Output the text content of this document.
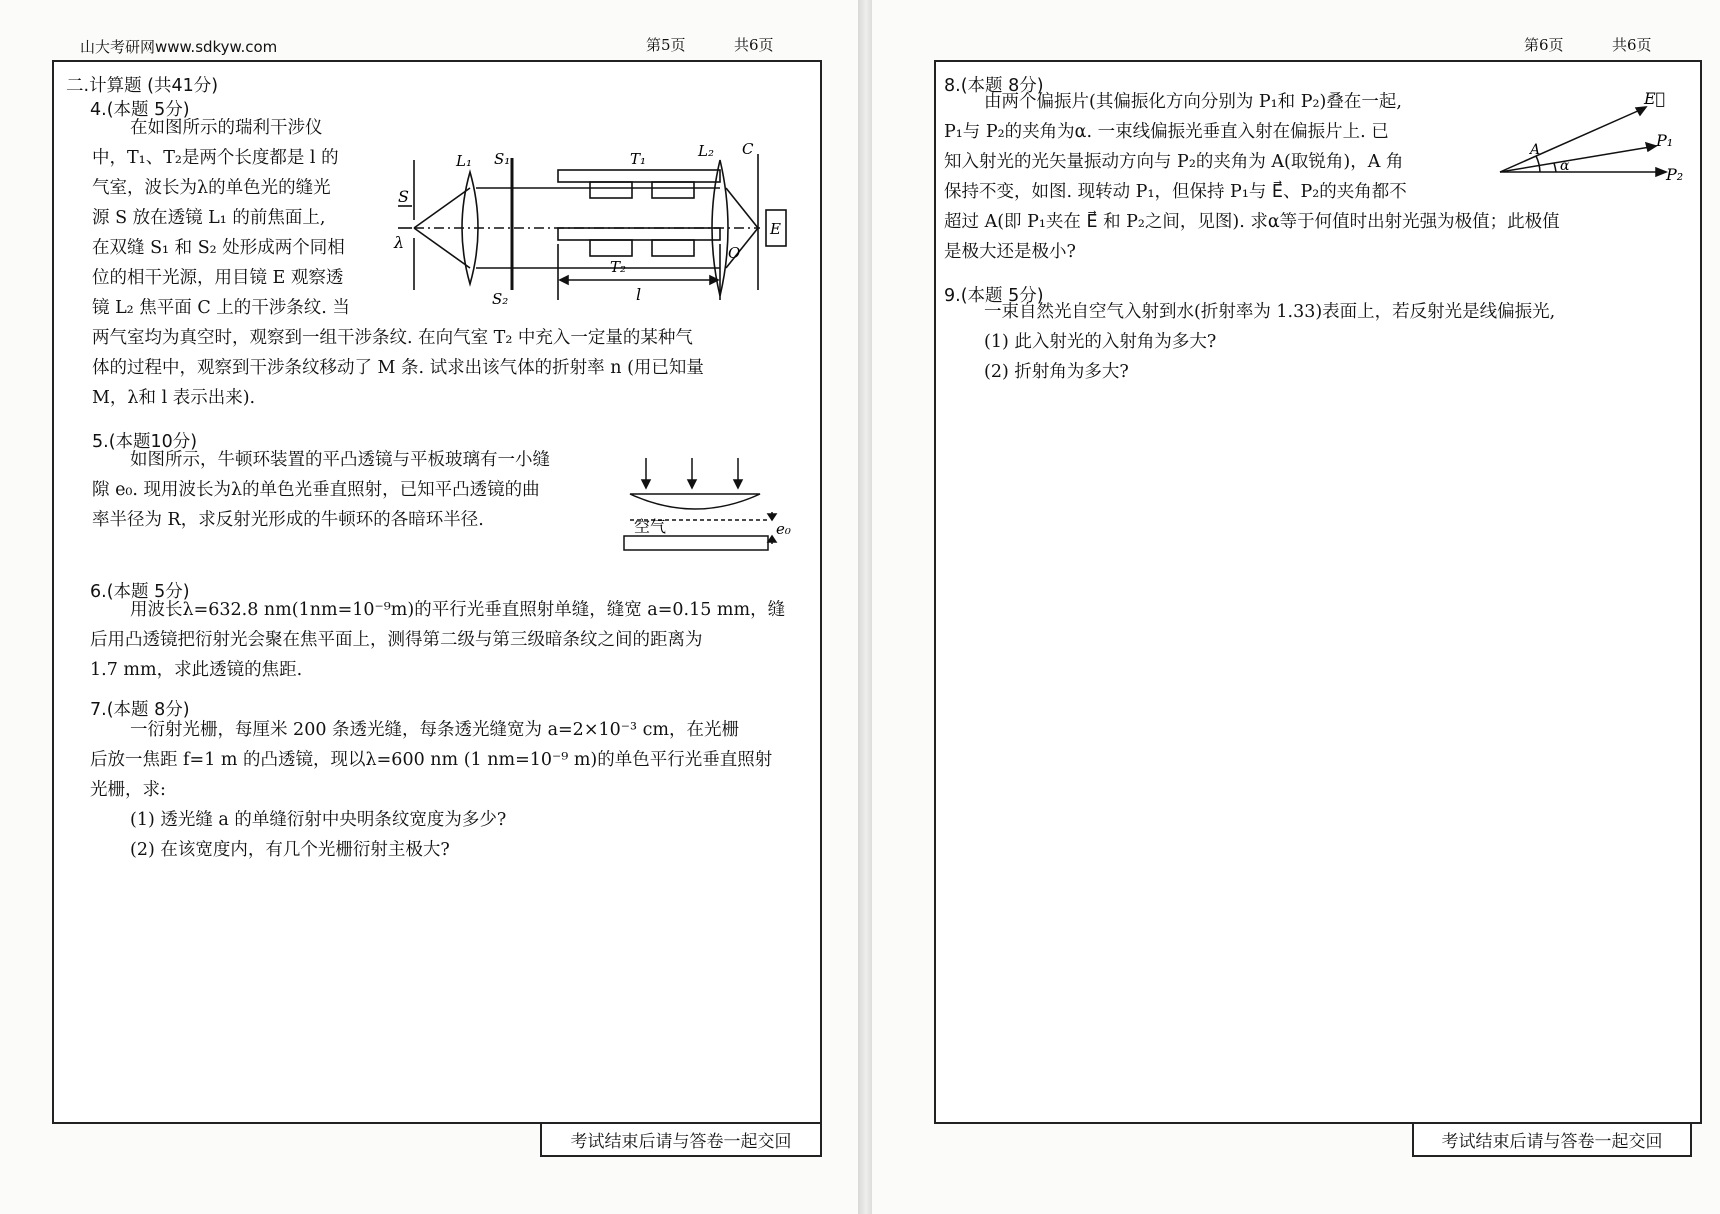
山大考研网www.sdkyw.com	第5页	共6页
二.计算题 (共41分)
4.(本题 5分)
在如图所示的瑞利干涉仪
中，T₁、T₂是两个长度都是 l 的
气室，波长为λ的单色光的缝光
源 S 放在透镜 L₁ 的前焦面上,
在双缝 S₁ 和 S₂ 处形成两个同相
位的相干光源，用目镜 E 观察透
镜 L₂ 焦平面 C 上的干涉条纹. 当
两气室均为真空时，观察到一组干涉条纹. 在向气室 T₂ 中充入一定量的某种气
体的过程中，观察到干涉条纹移动了 M 条. 试求出该气体的折射率 n (用已知量
M，λ和 l 表示出来).
S
λ
L₁ S₁
S₂
T₁
T₂
L₂ C
O
E
l
5.(本题10分)
如图所示，牛顿环装置的平凸透镜与平板玻璃有一小缝
隙 e₀. 现用波长为λ的单色光垂直照射，已知平凸透镜的曲
率半径为 R，求反射光形成的牛顿环的各暗环半径.	空气	e₀
6.(本题 5分)
用波长λ=632.8 nm(1nm=10⁻⁹m)的平行光垂直照射单缝，缝宽 a=0.15 mm，缝
后用凸透镜把衍射光会聚在焦平面上，测得第二级与第三级暗条纹之间的距离为
1.7 mm，求此透镜的焦距.
7.(本题 8分)
一衍射光栅，每厘米 200 条透光缝，每条透光缝宽为 a=2×10⁻³ cm，在光栅
后放一焦距 f=1 m 的凸透镜，现以λ=600 nm (1 nm=10⁻⁹ m)的单色平行光垂直照射
光栅，求:
(1) 透光缝 a 的单缝衍射中央明条纹宽度为多少?
(2) 在该宽度内，有几个光栅衍射主极大?
考试结束后请与答卷一起交回
第6页	共6页
8.(本题 8分)
由两个偏振片(其偏振化方向分别为 P₁和 P₂)叠在一起,
P₁与 P₂的夹角为α. 一束线偏振光垂直入射在偏振片上. 已
知入射光的光矢量振动方向与 P₂的夹角为 A(取锐角)，A 角
保持不变，如图. 现转动 P₁，但保持 P₁与 E⃗、P₂的夹角都不
超过 A(即 P₁夹在 E⃗ 和 P₂之间，见图). 求α等于何值时出射光强为极值；此极值
是极大还是极小?
E⃗
P₁
P₂
A
α
9.(本题 5分)
一束自然光自空气入射到水(折射率为 1.33)表面上，若反射光是线偏振光,
(1) 此入射光的入射角为多大?
(2) 折射角为多大?
考试结束后请与答卷一起交回
